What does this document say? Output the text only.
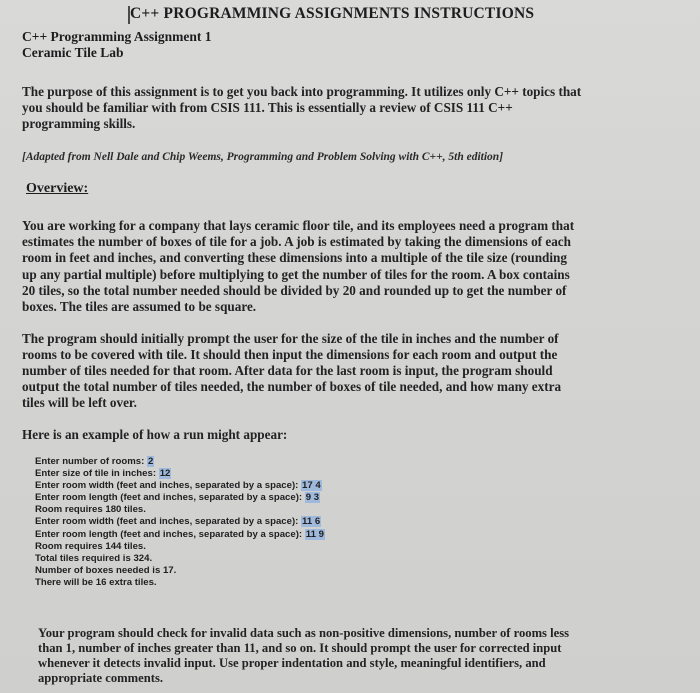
C++ PROGRAMMING ASSIGNMENTS INSTRUCTIONS
C++ Programming Assignment 1
Ceramic Tile Lab
The purpose of this assignment is to get you back into programming. It utilizes only C++ topics that you should be familiar with from CSIS 111. This is essentially a review of CSIS 111 C++ programming skills.
[Adapted from Nell Dale and Chip Weems, Programming and Problem Solving with C++, 5th edition]
Overview:
You are working for a company that lays ceramic floor tile, and its employees need a program that estimates the number of boxes of tile for a job. A job is estimated by taking the dimensions of each room in feet and inches, and converting these dimensions into a multiple of the tile size (rounding up any partial multiple) before multiplying to get the number of tiles for the room. A box contains 20 tiles, so the total number needed should be divided by 20 and rounded up to get the number of boxes. The tiles are assumed to be square.
The program should initially prompt the user for the size of the tile in inches and the number of rooms to be covered with tile. It should then input the dimensions for each room and output the number of tiles needed for that room. After data for the last room is input, the program should output the total number of tiles needed, the number of boxes of tile needed, and how many extra tiles will be left over.
Here is an example of how a run might appear:
Enter number of rooms: 2
Enter size of tile in inches: 12
Enter room width (feet and inches, separated by a space): 17 4
Enter room length (feet and inches, separated by a space): 9 3
Room requires 180 tiles.
Enter room width (feet and inches, separated by a space): 11 6
Enter room length (feet and inches, separated by a space): 11 9
Room requires 144 tiles.
Total tiles required is 324.
Number of boxes needed is 17.
There will be 16 extra tiles.
Your program should check for invalid data such as non-positive dimensions, number of rooms less than 1, number of inches greater than 11, and so on. It should prompt the user for corrected input whenever it detects invalid input. Use proper indentation and style, meaningful identifiers, and appropriate comments.
